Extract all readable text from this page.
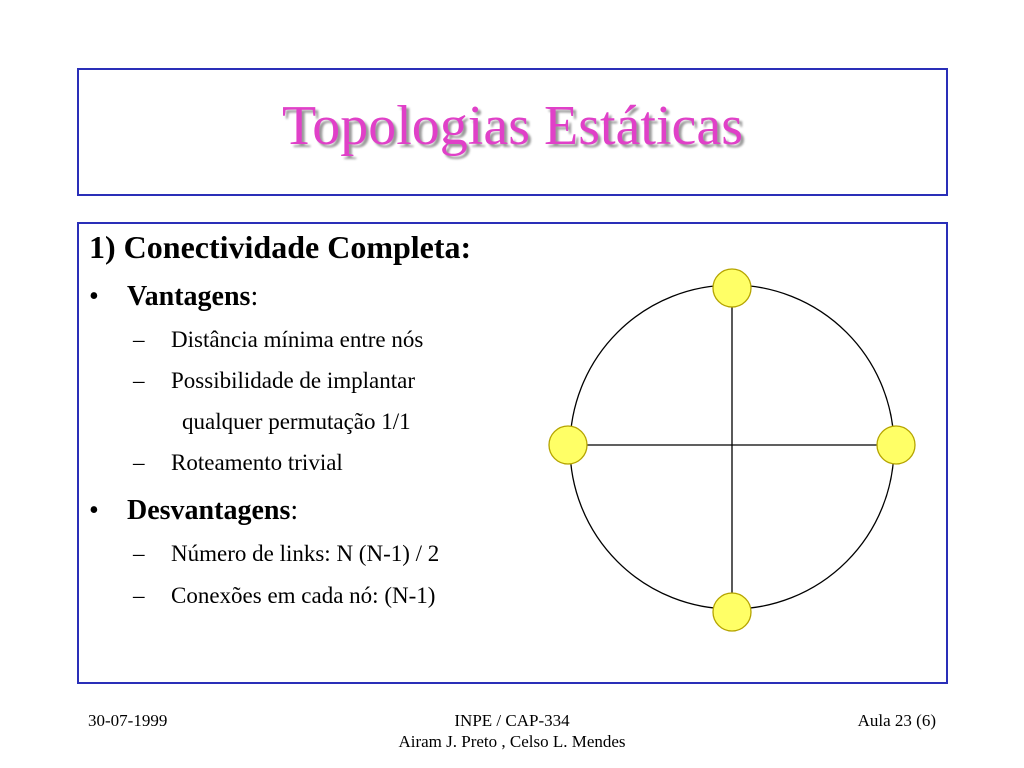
Topologias Estáticas
1) Conectividade Completa:
• Vantagens:
– Distância mínima entre nós
– Possibilidade de implantar
qualquer permutação 1/1
– Roteamento trivial
• Desvantagens:
– Número de links: N (N-1) / 2
– Conexões em cada nó: (N-1)
30-07-1999	INPE / CAP-334
Airam J. Preto , Celso L. Mendes
Aula 23 (6)
